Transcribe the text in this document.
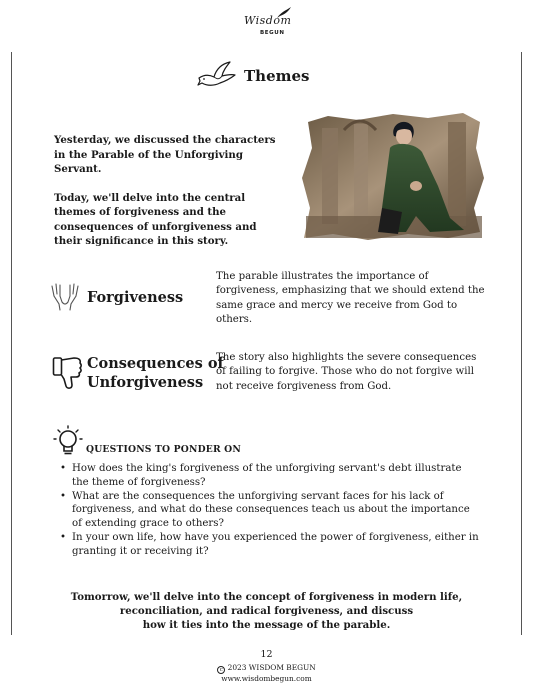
Wisdom
BEGUN
Themes

Yesterday, we discussed the characters in the Parable of the Unforgiving Servant.

Today, we'll delve into the central themes of forgiveness and the consequences of unforgiveness and their significance in this story.

Forgiveness
The parable illustrates the importance of forgiveness, emphasizing that we should extend the same grace and mercy we receive from God to others.
Consequences of
Unforgiveness
The story also highlights the severe consequences of failing to forgive. Those who do not forgive will not receive forgiveness from God.
QUESTIONS TO PONDER ON
• How does the king's forgiveness of the unforgiving servant's debt illustrate the theme of forgiveness?
• What are the consequences the unforgiving servant faces for his lack of forgiveness, and what do these consequences teach us about the importance of extending grace to others?
• In your own life, how have you experienced the power of forgiveness, either in granting it or receiving it?
Tomorrow, we'll delve into the concept of forgiveness in modern life,
reconciliation, and radical forgiveness, and discuss
how it ties into the message of the parable.
12
c 2023 WISDOM BEGUN
www.wisdombegun.com
